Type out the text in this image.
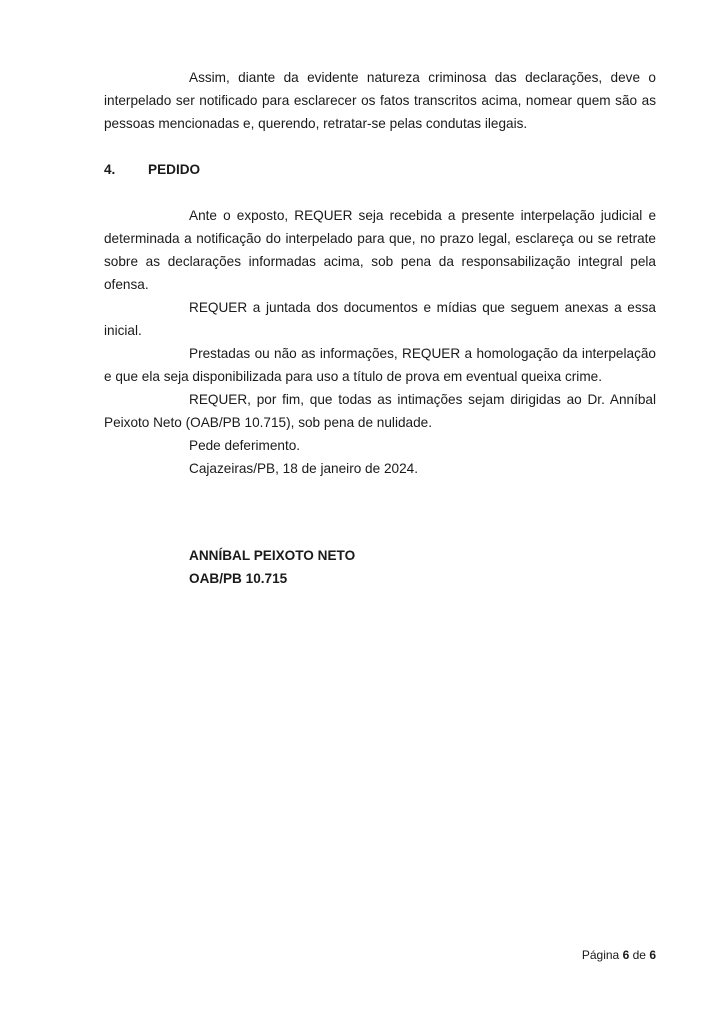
Assim, diante da evidente natureza criminosa das declarações, deve o interpelado ser notificado para esclarecer os fatos transcritos acima, nomear quem são as pessoas mencionadas e, querendo, retratar-se pelas condutas ilegais.

4.	PEDIDO

Ante o exposto, REQUER seja recebida a presente interpelação judicial e determinada a notificação do interpelado para que, no prazo legal, esclareça ou se retrate sobre as declarações informadas acima, sob pena da responsabilização integral pela ofensa.

REQUER a juntada dos documentos e mídias que seguem anexas a essa inicial.

Prestadas ou não as informações, REQUER a homologação da interpelação e que ela seja disponibilizada para uso a título de prova em eventual queixa crime.

REQUER, por fim, que todas as intimações sejam dirigidas ao Dr. Anníbal Peixoto Neto (OAB/PB 10.715), sob pena de nulidade.

Pede deferimento.

Cajazeiras/PB, 18 de janeiro de 2024.

ANNÍBAL PEIXOTO NETO
OAB/PB 10.715
Página 6 de 6
